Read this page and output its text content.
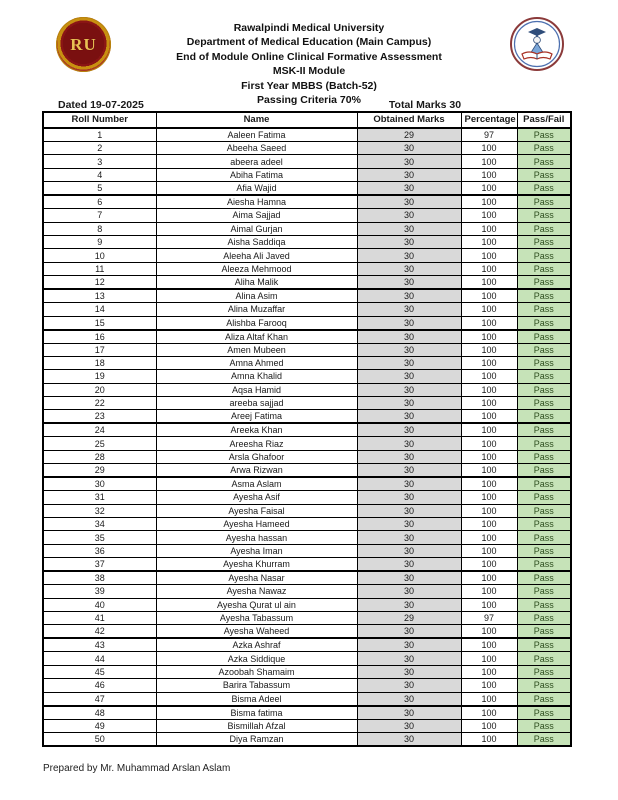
RU
Rawalpindi Medical University
Department of Medical Education (Main Campus)
End of Module Online Clinical Formative Assessment
MSK-II Module
First Year MBBS (Batch-52)
Passing Criteria 70%
Dated 19-07-2025	Total Marks 30
Roll Number	Name	Obtained Marks	Percentage	Pass/Fail
1	Aaleen Fatima	29	97	Pass
2	Abeeha Saeed	30	100	Pass
3	abeera adeel	30	100	Pass
4	Abiha Fatima	30	100	Pass
5	Afia Wajid	30	100	Pass
6	Aiesha Hamna	30	100	Pass
7	Aima Sajjad	30	100	Pass
8	Aimal Gurjan	30	100	Pass
9	Aisha Saddiqa	30	100	Pass
10	Aleeha Ali Javed	30	100	Pass
11	Aleeza Mehmood	30	100	Pass
12	Aliha Malik	30	100	Pass
13	Alina Asim	30	100	Pass
14	Alina Muzaffar	30	100	Pass
15	Alishba Farooq	30	100	Pass
16	Aliza Altaf Khan	30	100	Pass
17	Amen Mubeen	30	100	Pass
18	Amna Ahmed	30	100	Pass
19	Amna Khalid	30	100	Pass
20	Aqsa Hamid	30	100	Pass
22	areeba sajjad	30	100	Pass
23	Areej Fatima	30	100	Pass
24	Areeka Khan	30	100	Pass
25	Areesha Riaz	30	100	Pass
28	Arsla Ghafoor	30	100	Pass
29	Arwa Rizwan	30	100	Pass
30	Asma Aslam	30	100	Pass
31	Ayesha Asif	30	100	Pass
32	Ayesha Faisal	30	100	Pass
34	Ayesha Hameed	30	100	Pass
35	Ayesha hassan	30	100	Pass
36	Ayesha Iman	30	100	Pass
37	Ayesha Khurram	30	100	Pass
38	Ayesha Nasar	30	100	Pass
39	Ayesha Nawaz	30	100	Pass
40	Ayesha Qurat ul ain	30	100	Pass
41	Ayesha Tabassum	29	97	Pass
42	Ayesha Waheed	30	100	Pass
43	Azka Ashraf	30	100	Pass
44	Azka Siddique	30	100	Pass
45	Azoobah Shamaim	30	100	Pass
46	Barira Tabassum	30	100	Pass
47	Bisma Adeel	30	100	Pass
48	Bisma fatima	30	100	Pass
49	Bismillah Afzal	30	100	Pass
50	Diya Ramzan	30	100	Pass
Prepared by Mr. Muhammad Arslan Aslam
